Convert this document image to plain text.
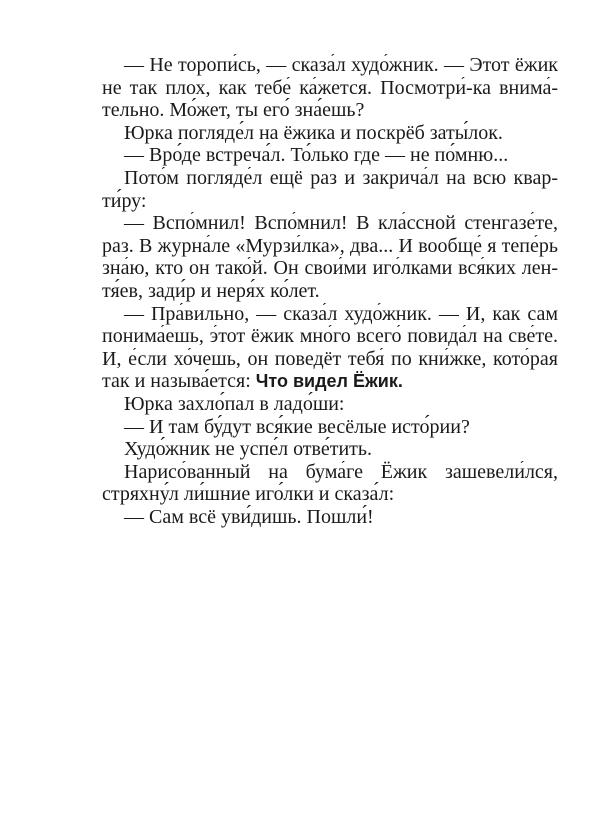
— Не торопи́сь, — сказа́л худо́жник. — Этот ёжик
не так плох, как тебе́ ка́жется. Посмотри́-ка внима́-
тельно. Мо́жет, ты его́ зна́ешь?
Юрка погляде́л на ёжика и поскрёб заты́лок.
— Вро́де встреча́л. То́лько где — не по́мню...
Пото́м погляде́л ещё раз и закрича́л на всю квар-
ти́ру:
— Вспо́мнил! Вспо́мнил! В кла́ссной стенгазе́те,
раз. В журна́ле «Мурзи́лка», два... И вообще́ я тепе́рь
зна́ю, кто он тако́й. Он свои́ми иго́лками вся́ких лен-
тя́ев, зади́р и неря́х ко́лет.
— Пра́вильно, — сказа́л худо́жник. — И, как сам
понима́ешь, э́тот ёжик мно́го всего́ повида́л на све́те.
И, е́сли хо́чешь, он поведёт тебя́ по кни́жке, кото́рая
так и называ́ется: Что видел Ёжик.
Юрка захло́пал в ладо́ши:
— И там бу́дут вся́кие весёлые исто́рии?
Худо́жник не успе́л отве́тить.
Нарисо́ванный на бума́ге Ёжик зашевели́лся,
стряхну́л ли́шние иго́лки и сказа́л:
— Сам всё уви́дишь. Пошли́!
